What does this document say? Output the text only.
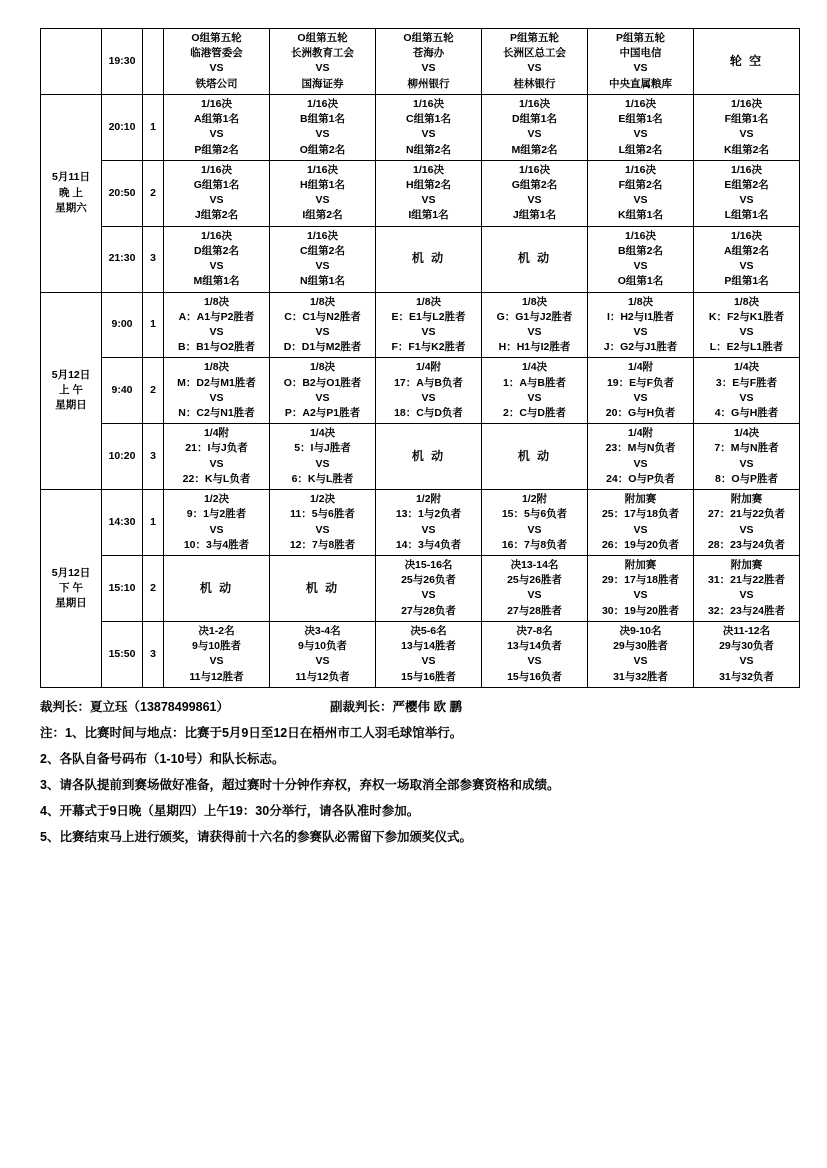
	19:30		O组第五轮
临港管委会
VS
铁塔公司	O组第五轮
长洲教育工会
VS
国海证券	O组第五轮
苍海办
VS
柳州银行	P组第五轮
长洲区总工会
VS
桂林银行	P组第五轮
中国电信
VS
中央直属粮库	轮 空

5月11日
晚 上
星期六	20:10	1	1/16决
A组第1名
VS
P组第2名	1/16决
B组第1名
VS
O组第2名	1/16决
C组第1名
VS
N组第2名	1/16决
D组第1名
VS
M组第2名	1/16决
E组第1名
VS
L组第2名	1/16决
F组第1名
VS
K组第2名

	20:50	2	1/16决
G组第1名
VS
J组第2名	1/16决
H组第1名
VS
I组第2名	1/16决
H组第2名
VS
I组第1名	1/16决
G组第2名
VS
J组第1名	1/16决
F组第2名
VS
K组第1名	1/16决
E组第2名
VS
L组第1名

	21:30	3	1/16决
D组第2名
VS
M组第1名	1/16决
C组第2名
VS
N组第1名	机 动	机 动	1/16决
B组第2名
VS
O组第1名	1/16决
A组第2名
VS
P组第1名

5月12日
上 午
星期日	9:00	1	1/8决
A：A1与P2胜者
VS
B：B1与O2胜者	1/8决
C：C1与N2胜者
VS
D：D1与M2胜者	1/8决
E：E1与L2胜者
VS
F：F1与K2胜者	1/8决
G：G1与J2胜者
VS
H：H1与I2胜者	1/8决
I：H2与I1胜者
VS
J：G2与J1胜者	1/8决
K：F2与K1胜者
VS
L：E2与L1胜者

	9:40	2	1/8决
M：D2与M1胜者
VS
N：C2与N1胜者	1/8决
O：B2与O1胜者
VS
P：A2与P1胜者	1/4附
17：A与B负者
VS
18：C与D负者	1/4决
1：A与B胜者
VS
2：C与D胜者	1/4附
19：E与F负者
VS
20：G与H负者	1/4决
3：E与F胜者
VS
4：G与H胜者

	10:20	3	1/4附
21：I与J负者
VS
22：K与L负者	1/4决
5：I与J胜者
VS
6：K与L胜者	机 动	机 动	1/4附
23：M与N负者
VS
24：O与P负者	1/4决
7：M与N胜者
VS
8：O与P胜者

5月12日
下 午
星期日	14:30	1	1/2决
9：1与2胜者
VS
10：3与4胜者	1/2决
11：5与6胜者
VS
12：7与8胜者	1/2附
13：1与2负者
VS
14：3与4负者	1/2附
15：5与6负者
VS
16：7与8负者	附加赛
25：17与18负者
VS
26：19与20负者	附加赛
27：21与22负者
VS
28：23与24负者

	15:10	2	机 动	机 动	决15-16名
25与26负者
VS
27与28负者	决13-14名
25与26胜者
VS
27与28胜者	附加赛
29：17与18胜者
VS
30：19与20胜者	附加赛
31：21与22胜者
VS
32：23与24胜者

	15:50	3	决1-2名
9与10胜者
VS
11与12胜者	决3-4名
9与10负者
VS
11与12负者	决5-6名
13与14胜者
VS
15与16胜者	决7-8名
13与14负者
VS
15与16负者	决9-10名
29与30胜者
VS
31与32胜者	决11-12名
29与30负者
VS
31与32负者
裁判长：夏立珏（13878499861）	副裁判长：严樱伟 欧 鹏
注：1、比赛时间与地点：比赛于5月9日至12日在梧州市工人羽毛球馆举行。
2、各队自备号码布（1-10号）和队长标志。
3、请各队提前到赛场做好准备，超过赛时十分钟作弃权，弃权一场取消全部参赛资格和成绩。
4、开幕式于9日晚（星期四）上午19：30分举行，请各队准时参加。
5、比赛结束马上进行颁奖，请获得前十六名的参赛队必需留下参加颁奖仪式。
